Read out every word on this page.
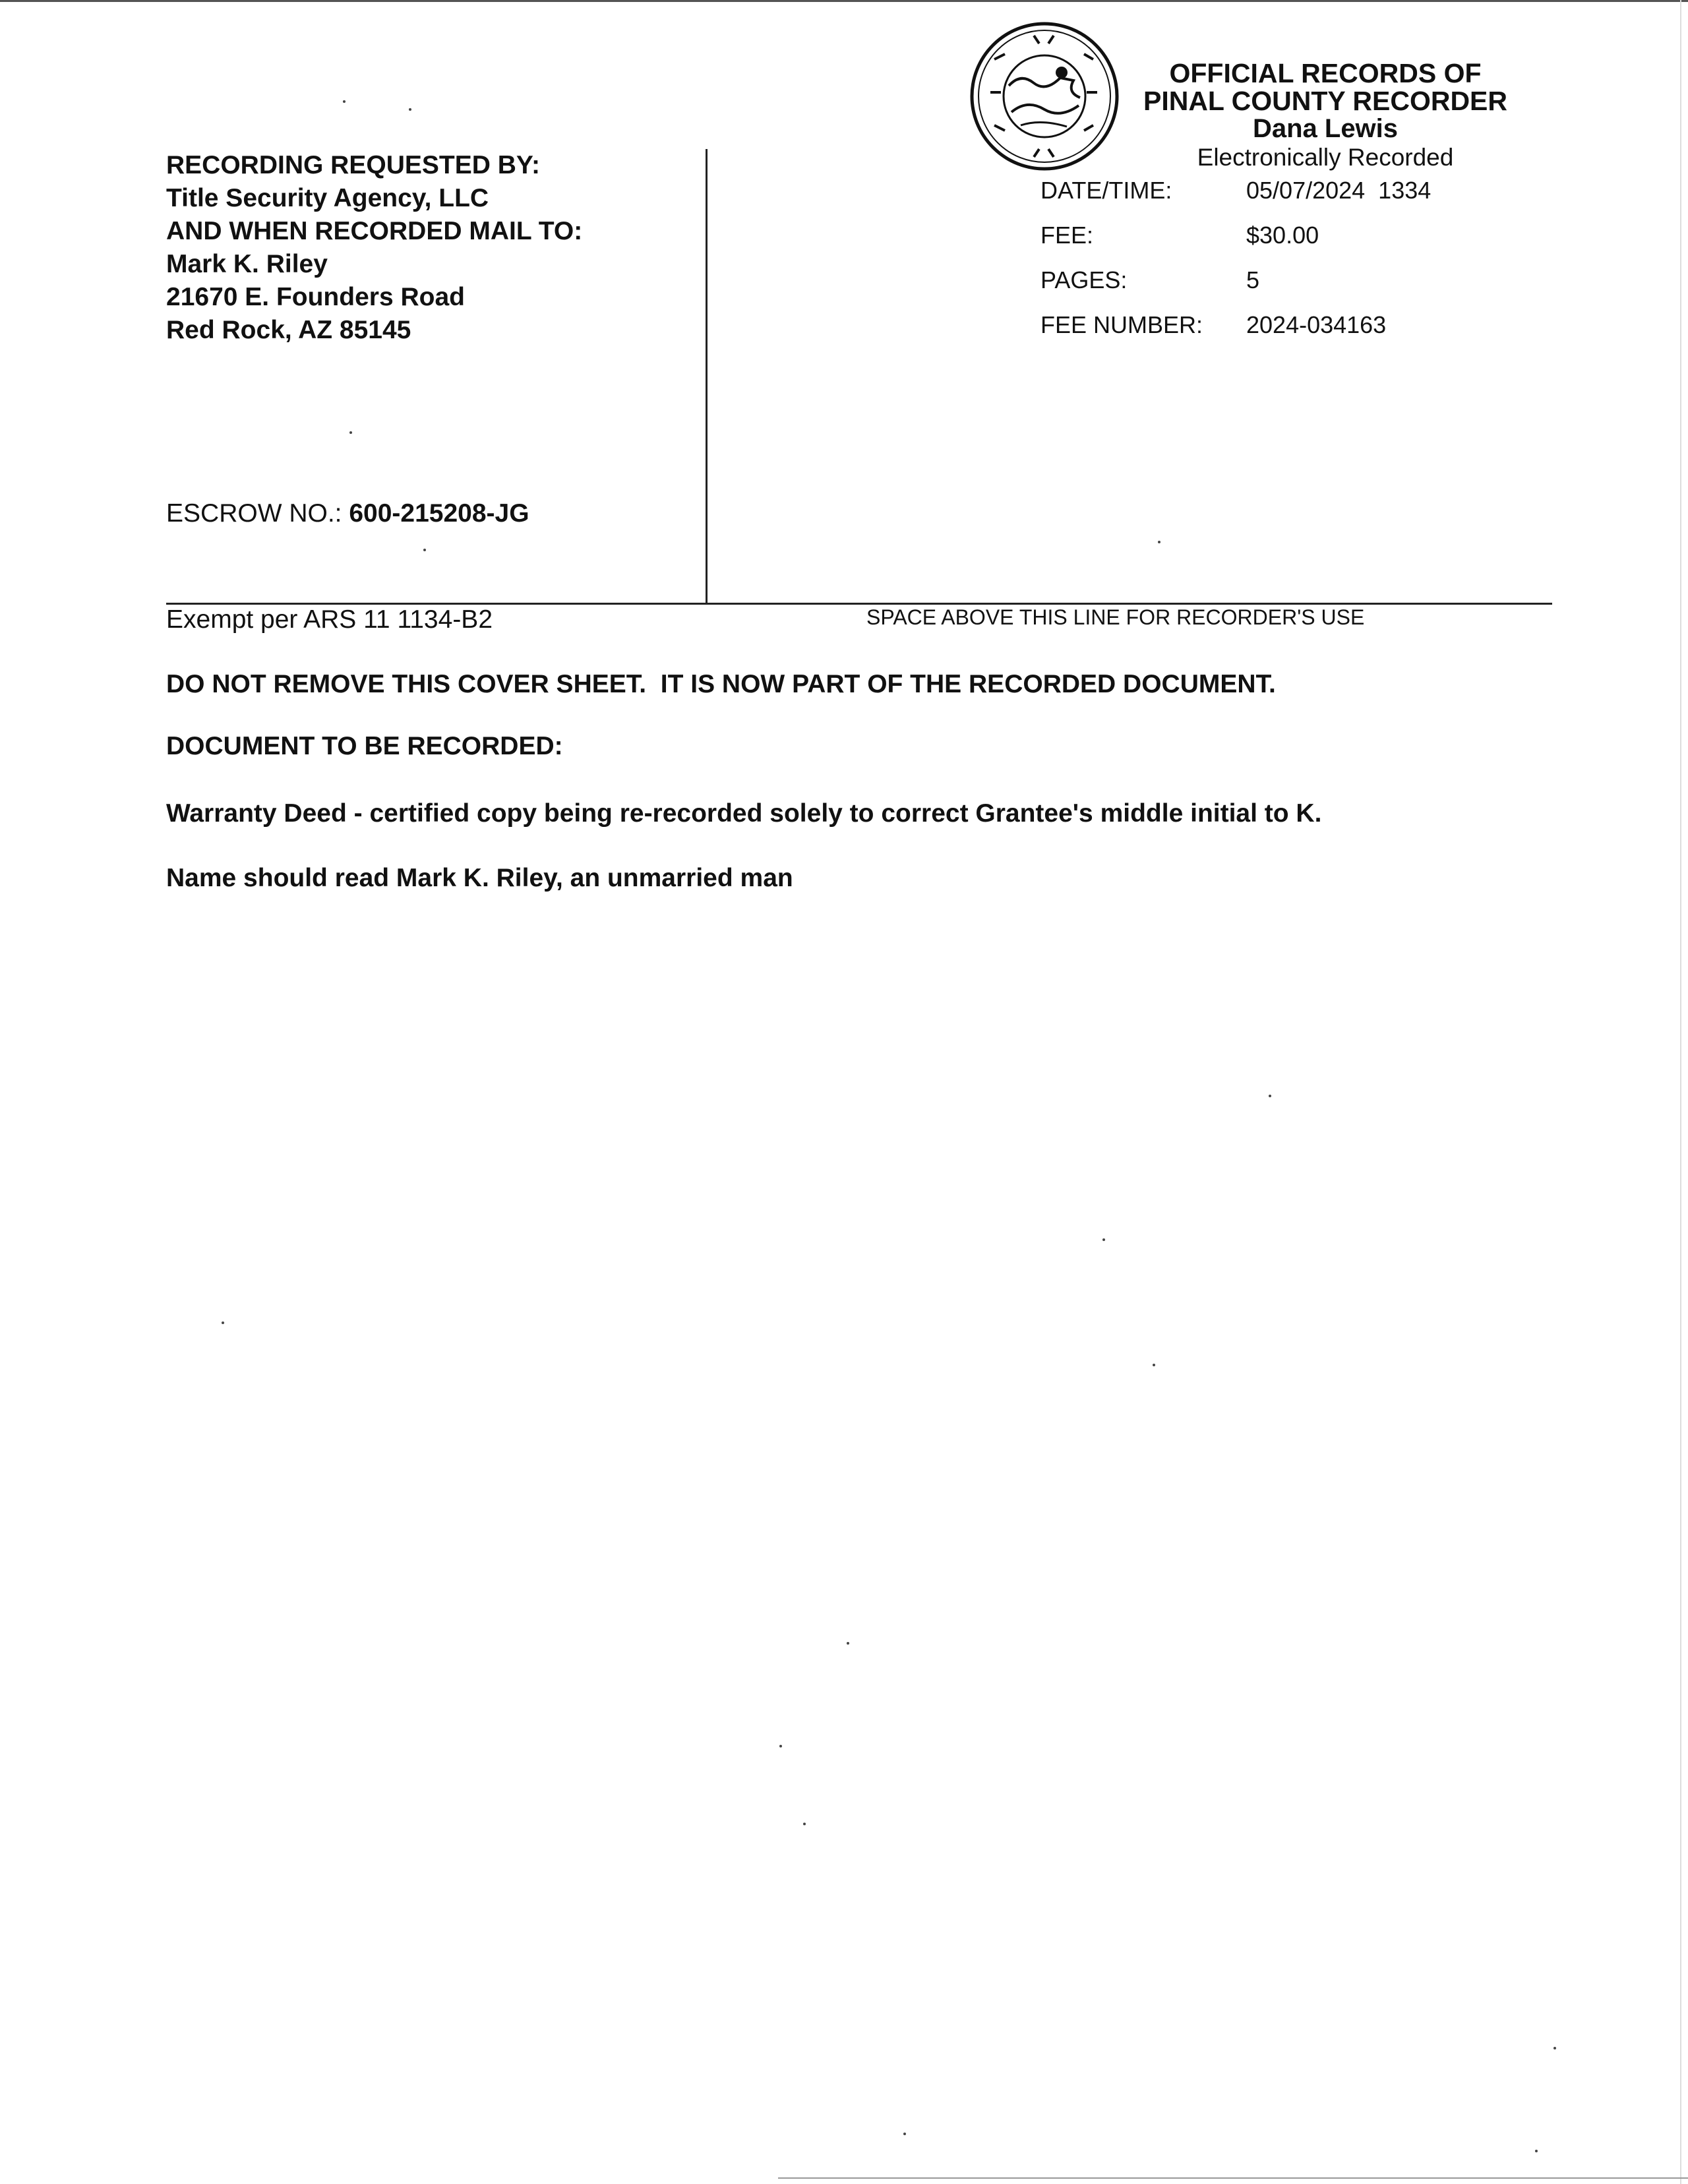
RECORDING REQUESTED BY:
Title Security Agency, LLC
AND WHEN RECORDED MAIL TO:
Mark K. Riley
21670 E. Founders Road
Red Rock, AZ 85145
ESCROW NO.: 600-215208-JG
OFFICIAL RECORDS OF
PINAL COUNTY RECORDER
Dana Lewis
Electronically Recorded
DATE/TIME:	05/07/2024  1334
FEE:	$30.00
PAGES:	5
FEE NUMBER: 2024-034163
Exempt per ARS 11 1134-B2	SPACE ABOVE THIS LINE FOR RECORDER'S USE
DO NOT REMOVE THIS COVER SHEET.  IT IS NOW PART OF THE RECORDED DOCUMENT.
DOCUMENT TO BE RECORDED:
Warranty Deed - certified copy being re-recorded solely to correct Grantee's middle initial to K.
Name should read Mark K. Riley, an unmarried man
